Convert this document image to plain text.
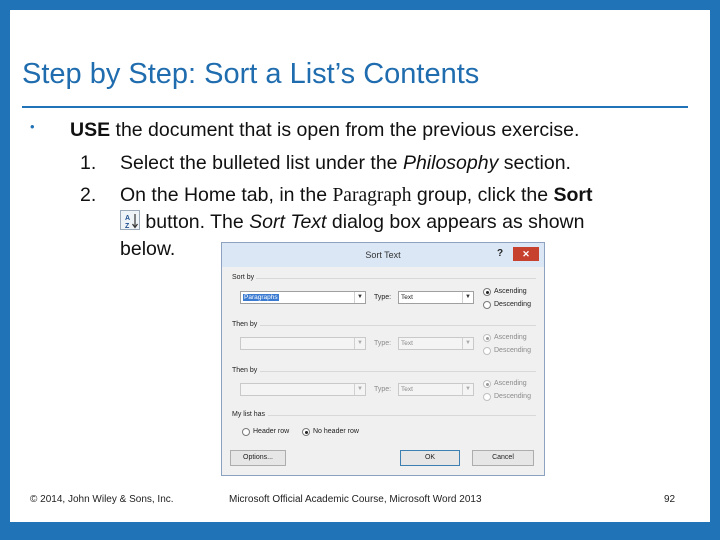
Step by Step: Sort a List’s Contents
• USE the document that is open from the previous exercise.
1. Select the bulleted list under the Philosophy section.
2. On the Home tab, in the Paragraph group, click the Sort
A
Z button. The Sort Text dialog box appears as shown
below.	Sort Text	?	✕
Sort by
Paragraphs	▼ Type:	Text	▼
Ascending
Descending
Then by
▼ Type:	Text	▼
Ascending
Descending
Then by
▼ Type:	Text	▼
Ascending
Descending
My list has
Header row	No header row
Options...	OK	Cancel
© 2014, John Wiley & Sons, Inc.	Microsoft Official Academic Course, Microsoft Word 2013	92
